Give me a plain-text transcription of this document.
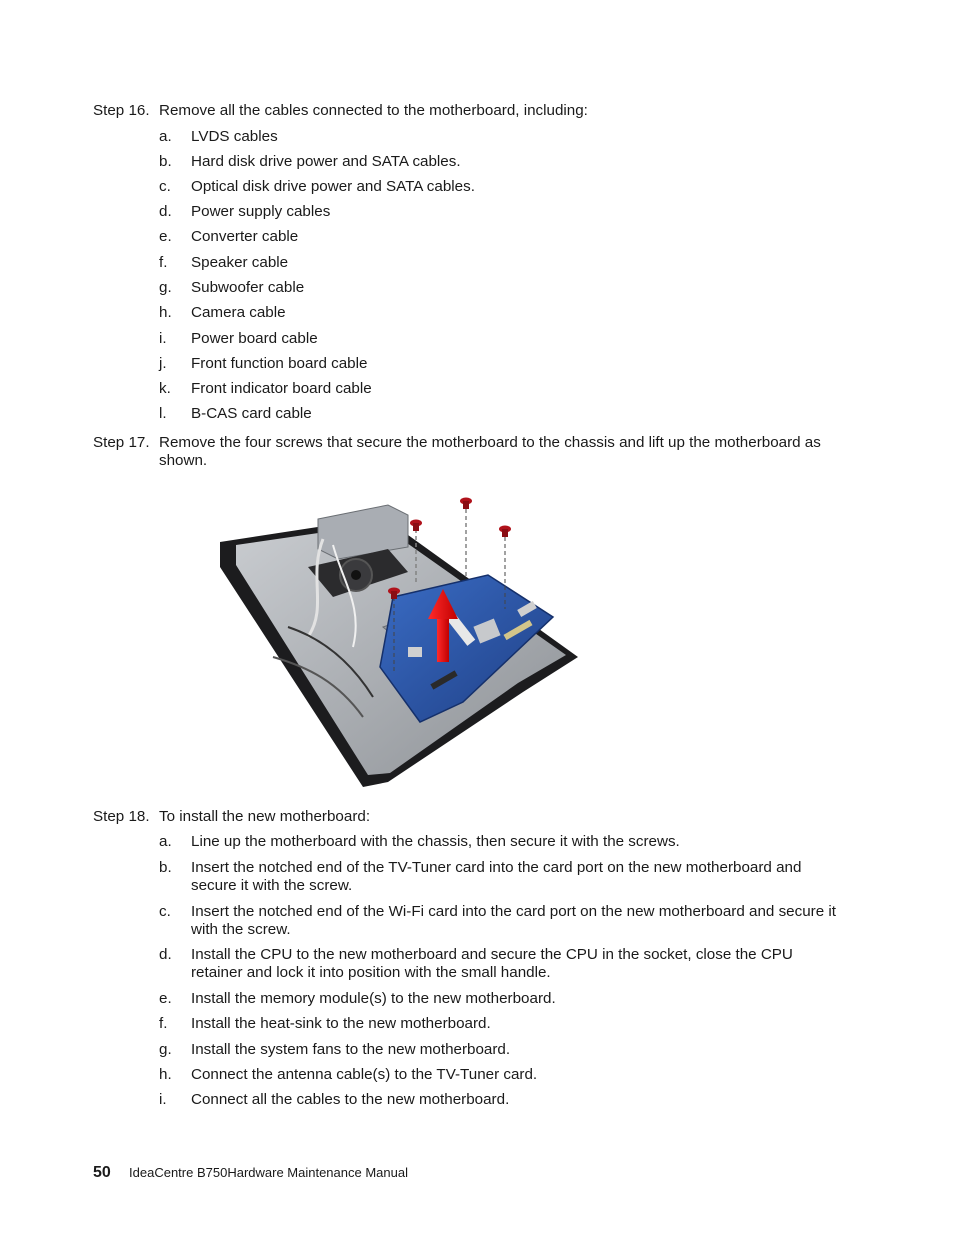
Step 16. Remove all the cables connected to the motherboard, including:
a. LVDS cables
b. Hard disk drive power and SATA cables.
c. Optical disk drive power and SATA cables.
d. Power supply cables
e. Converter cable
f. Speaker cable
g. Subwoofer cable
h. Camera cable
i. Power board cable
j. Front function board cable
k. Front indicator board cable
l. B-CAS card cable
Step 17. Remove the four screws that secure the motherboard to the chassis and lift up the motherboard as shown.
Step 18. To install the new motherboard:
a. Line up the motherboard with the chassis, then secure it with the screws.
b. Insert the notched end of the TV-Tuner card into the card port on the new motherboard and secure it with the screw.
c. Insert the notched end of the Wi-Fi card into the card port on the new motherboard and secure it with the screw.
d. Install the CPU to the new motherboard and secure the CPU in the socket, close the CPU retainer and lock it into position with the small handle.
e. Install the memory module(s) to the new motherboard.
f. Install the heat-sink to the new motherboard.
g. Install the system fans to the new motherboard.
h. Connect the antenna cable(s) to the TV-Tuner card.
i. Connect all the cables to the new motherboard.
50 IdeaCentre B750Hardware Maintenance Manual
